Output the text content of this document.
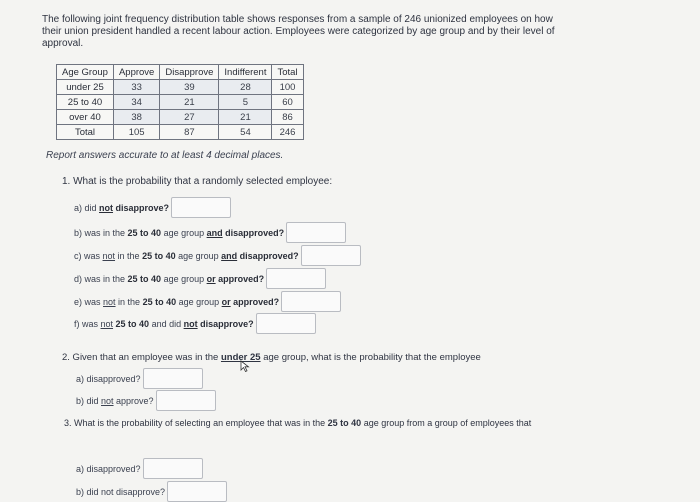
The following joint frequency distribution table shows responses from a sample of 246 unionized employees on how their union president handled a recent labour action. Employees were categorized by age group and by their level of approval.
Age Group	Approve	Disapprove	Indifferent	Total
under 25	33	39	28	100
25 to 40	34	21	5	60
over 40	38	27	21	86
Total	105	87	54	246
Report answers accurate to at least 4 decimal places.
1. What is the probability that a randomly selected employee:
a) did not disapprove?
b) was in the 25 to 40 age group and disapproved?
c) was not in the 25 to 40 age group and disapproved?
d) was in the 25 to 40 age group or approved?
e) was not in the 25 to 40 age group or approved?
f) was not 25 to 40 and did not disapprove?
2. Given that an employee was in the under 25 age group, what is the probability that the employee
a) disapproved?
b) did not approve?
3. What is the probability of selecting an employee that was in the 25 to 40 age group from a group of employees that
a) disapproved?
b) did not disapprove?
